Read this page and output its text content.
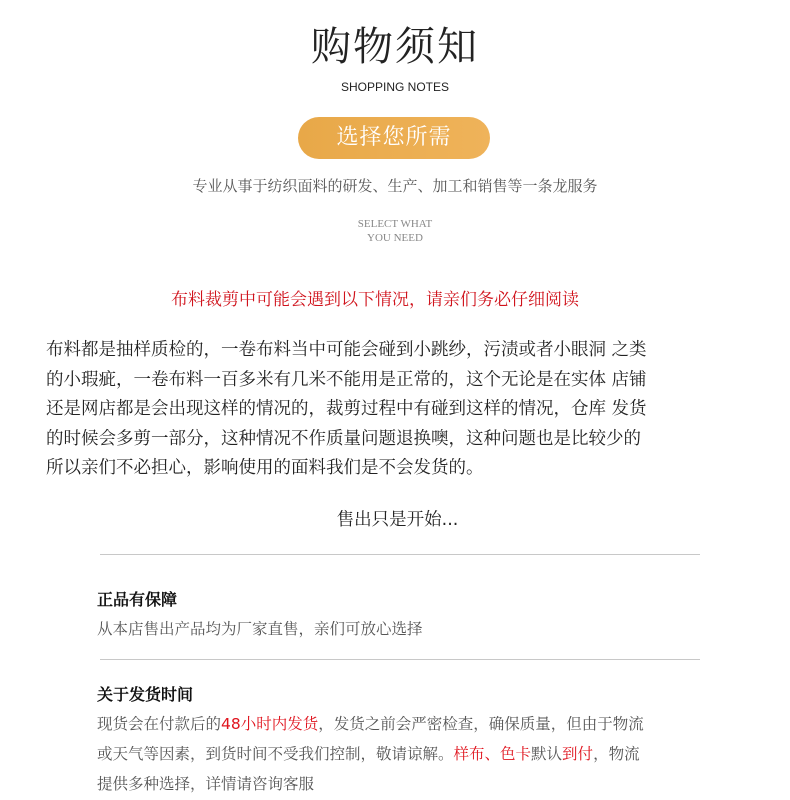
购物须知
SHOPPING NOTES
选择您所需
专业从事于纺织面料的研发、生产、加工和销售等一条龙服务
SELECT WHAT
YOU NEED
布料裁剪中可能会遇到以下情况，请亲们务必仔细阅读
布料都是抽样质检的，一卷布料当中可能会碰到小跳纱，污渍或者小眼洞 之类
的小瑕疵，一卷布料一百多米有几米不能用是正常的，这个无论是在实体 店铺
还是网店都是会出现这样的情况的，裁剪过程中有碰到这样的情况，仓库 发货
的时候会多剪一部分，这种情况不作质量问题退换噢，这种问题也是比较少的
所以亲们不必担心，影响使用的面料我们是不会发货的。
售出只是开始...
正品有保障
从本店售出产品均为厂家直售，亲们可放心选择
关于发货时间
现货会在付款后的48小时内发货，发货之前会严密检查，确保质量，但由于物流
或天气等因素，到货时间不受我们控制，敬请谅解。样布、色卡默认到付，物流
提供多种选择，详情请咨询客服
